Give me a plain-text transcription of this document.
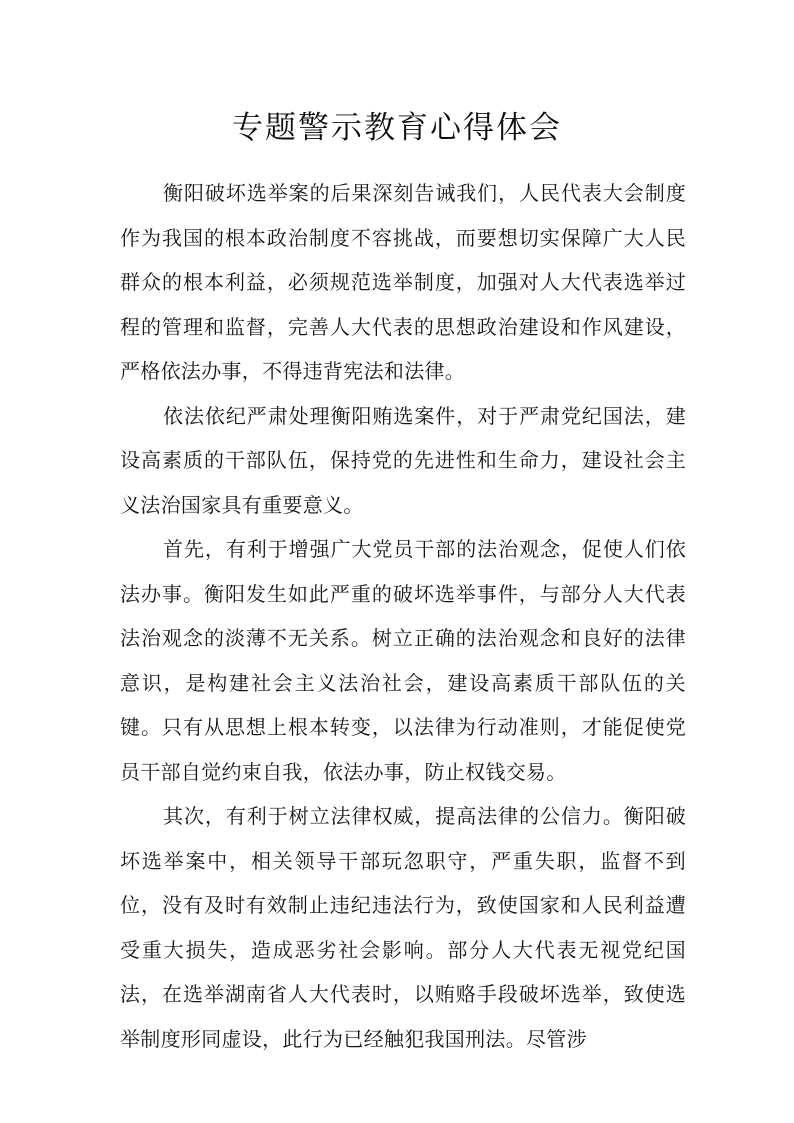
专题警示教育心得体会

衡阳破坏选举案的后果深刻告诫我们，人民代表大会制度作为我国的根本政治制度不容挑战，而要想切实保障广大人民群众的根本利益，必须规范选举制度，加强对人大代表选举过程的管理和监督，完善人大代表的思想政治建设和作风建设，严格依法办事，不得违背宪法和法律。

依法依纪严肃处理衡阳贿选案件，对于严肃党纪国法，建设高素质的干部队伍，保持党的先进性和生命力，建设社会主义法治国家具有重要意义。

首先，有利于增强广大党员干部的法治观念，促使人们依法办事。衡阳发生如此严重的破坏选举事件，与部分人大代表法治观念的淡薄不无关系。树立正确的法治观念和良好的法律意识，是构建社会主义法治社会，建设高素质干部队伍的关键。只有从思想上根本转变，以法律为行动准则，才能促使党员干部自觉约束自我，依法办事，防止权钱交易。

其次，有利于树立法律权威，提高法律的公信力。衡阳破坏选举案中，相关领导干部玩忽职守，严重失职，监督不到位，没有及时有效制止违纪违法行为，致使国家和人民利益遭受重大损失，造成恶劣社会影响。部分人大代表无视党纪国法，在选举湖南省人大代表时，以贿赂手段破坏选举，致使选举制度形同虚设，此行为已经触犯我国刑法。尽管涉
